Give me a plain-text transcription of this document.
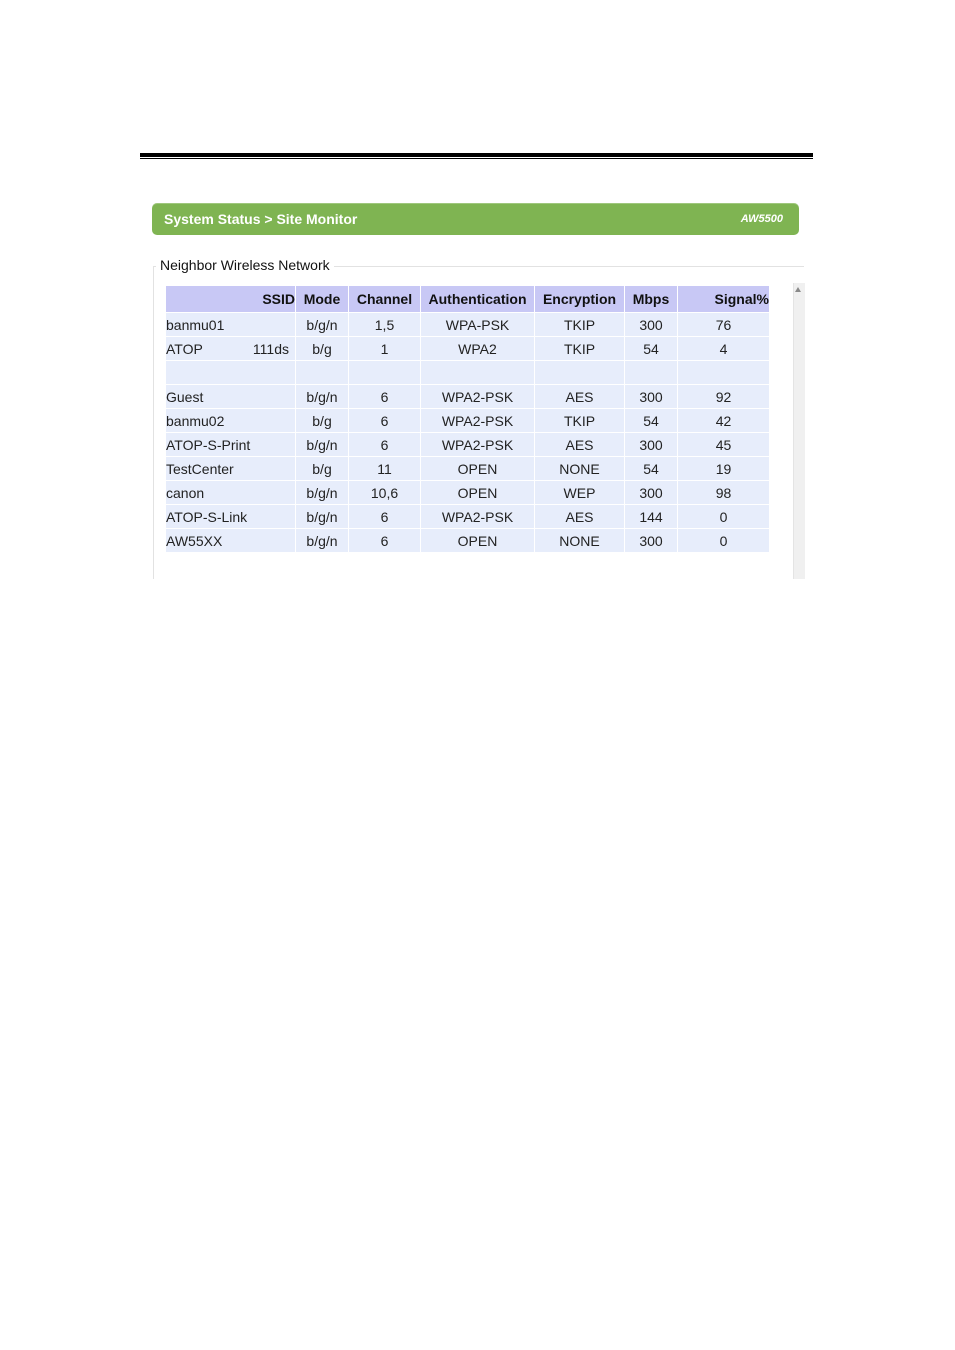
System Status > Site Monitor	AW5500
Neighbor Wireless Network
SSID	Mode	Channel	Authentication	Encryption	Mbps	Signal%
banmu01	b/g/n	1,5	WPA-PSK	TKIP	300	76

ATOP 111ds	b/g	1	WPA2	TKIP	54	4

Guest	b/g/n	6	WPA2-PSK	AES	300	92
banmu02	b/g	6	WPA2-PSK	TKIP	54	42
ATOP-S-Print	b/g/n	6	WPA2-PSK	AES	300	45
TestCenter	b/g	11	OPEN	NONE	54	19
canon	b/g/n	10,6	OPEN	WEP	300	98
ATOP-S-Link	b/g/n	6	WPA2-PSK	AES	144	0
AW55XX	b/g/n	6	OPEN	NONE	300	0
